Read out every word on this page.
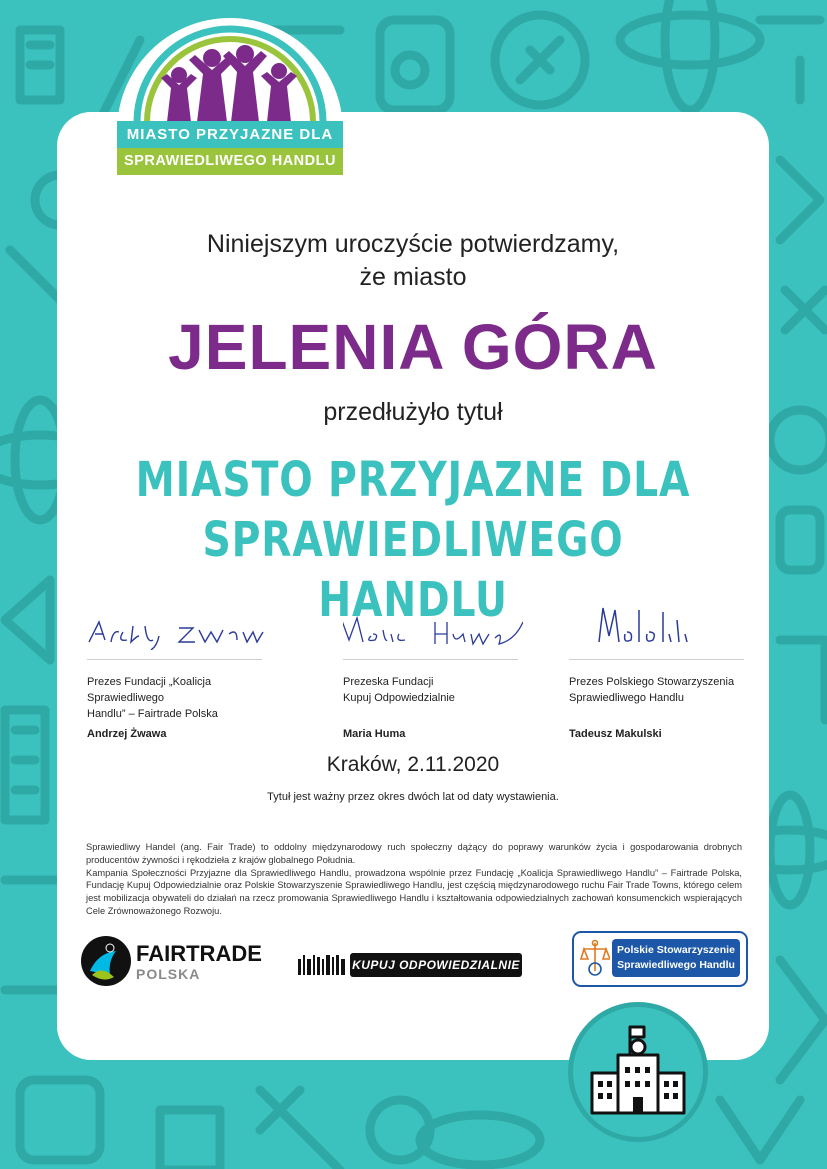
MIASTO PRZYJAZNE DLA
SPRAWIEDLIWEGO HANDLU
Niniejszym uroczyście potwierdzamy,
że miasto
JELENIA GÓRA
przedłużyło tytuł
MIASTO PRZYJAZNE DLA
SPRAWIEDLIWEGO HANDLU
Prezes Fundacji „Koalicja Sprawiedliwego
Handlu” – Fairtrade Polska
Andrzej Żwawa
Prezeska Fundacji
Kupuj Odpowiedzialnie
Maria Huma
Prezes Polskiego Stowarzyszenia
Sprawiedliwego Handlu
Tadeusz Makulski
Kraków, 2.11.2020
Tytuł jest ważny przez okres dwóch lat od daty wystawienia.
Sprawiedliwy Handel (ang. Fair Trade) to oddolny międzynarodowy ruch społeczny dążący do poprawy warunków życia i gospodarowania drobnych producentów żywności i rękodzieła z krajów globalnego Południa.
Kampania Społeczności Przyjazne dla Sprawiedliwego Handlu, prowadzona wspólnie przez Fundację „Koalicja Sprawiedliwego Handlu” – Fairtrade Polska, Fundację Kupuj Odpowiedzialnie oraz Polskie Stowarzyszenie Sprawiedliwego Handlu, jest częścią międzynarodowego ruchu Fair Trade Towns, którego celem jest mobilizacja obywateli do działań na rzecz promowania Sprawiedliwego Handlu i kształtowania odpowiedzialnych zachowań konsumenckich wspierających Cele Zrównoważonego Rozwoju.
FAIRTRADE
POLSKA
KUPUJ ODPOWIEDZIALNIE
Polskie Stowarzyszenie
Sprawiedliwego Handlu
